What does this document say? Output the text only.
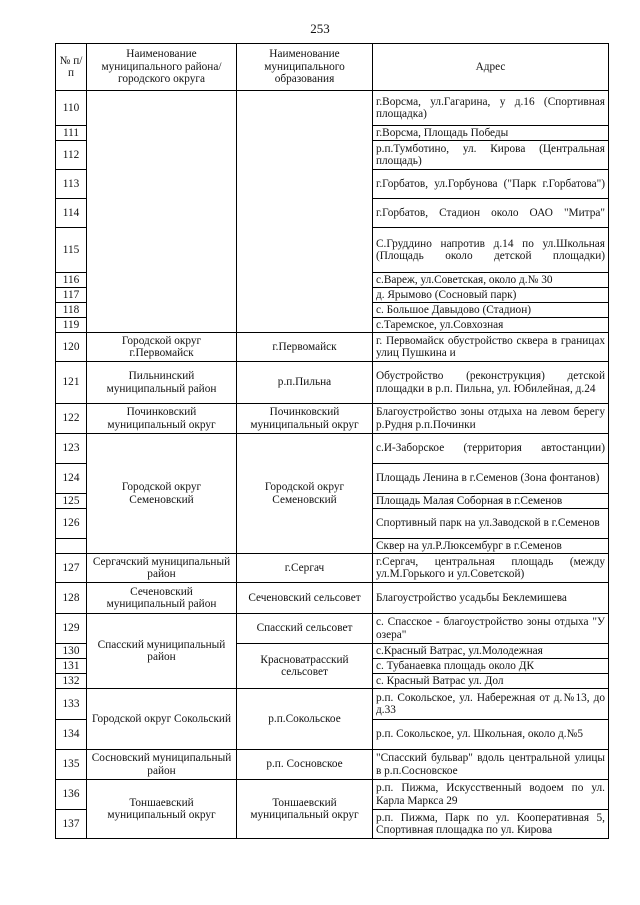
253
№ п/п	Наименование муниципального района/ городского округа	Наименование муниципального образования	Адрес
110			г.Ворсма, ул.Гагарина, у д.16 (Спортивная площадка)
111			г.Ворсма, Площадь Победы
112			р.п.Тумботино, ул. Кирова (Центральная площадь)
113			г.Горбатов, ул.Горбунова ("Парк г.Горбатова")
114			г.Горбатов, Стадион около ОАО "Митра"
115			С.Груддино напротив д.14 по ул.Школьная (Площадь около детской площадки)
116			с.Вареж, ул.Советская, около д.№ 30
117			д. Ярымово (Сосновый парк)
118			с. Большое Давыдово (Стадион)
119			с.Таремское, ул.Совхозная
120	Городской округ г.Первомайск	г.Первомайск	г. Первомайск обустройство сквера в границах улиц Пушкина и
121	Пильнинский муниципальный район	р.п.Пильна	Обустройство (реконструкция) детской площадки в р.п. Пильна, ул. Юбилейная, д.24
122	Починковский муниципальный округ	Починковский муниципальный округ	Благоустройство зоны отдыха на левом берегу р.Рудня р.п.Починки
123	Городской округ Семеновский	Городской округ Семеновский	с.И-Заборское (территория автостанции)
124			Площадь Ленина в г.Семенов (Зона фонтанов)
125			Площадь Малая Соборная в г.Семенов
126			Спортивный парк на ул.Заводской в г.Семенов
			Сквер на ул.Р.Люксембург в г.Семенов
127	Сергачский муниципальный район	г.Сергач	г.Сергач, центральная площадь (между ул.М.Горького и ул.Советской)
128	Сеченовский муниципальный район	Сеченовский сельсовет	Благоустройство усадьбы Беклемишева
129	Спасский муниципальный район	Спасский сельсовет	с. Спасское - благоустройство зоны отдыха "У озера"
130		Красноватрасский сельсовет	с.Красный Ватрас, ул.Молодежная
131			с. Тубанаевка площадь около ДК
132			с. Красный Ватрас ул. Дол
133	Городской округ Сокольский	р.п.Сокольское	р.п. Сокольское, ул. Набережная от д.№13, до д.33
134			р.п. Сокольское, ул. Школьная, около д.№5
135	Сосновский муниципальный район	р.п. Сосновское	"Спасский бульвар" вдоль центральной улицы в р.п.Сосновское
136	Тоншаевский муниципальный округ	Тоншаевский муниципальный округ	р.п. Пижма, Искусственный водоем по ул. Карла Маркса 29
137			р.п. Пижма, Парк по ул. Кооперативная 5, Спортивная площадка по ул. Кирова
